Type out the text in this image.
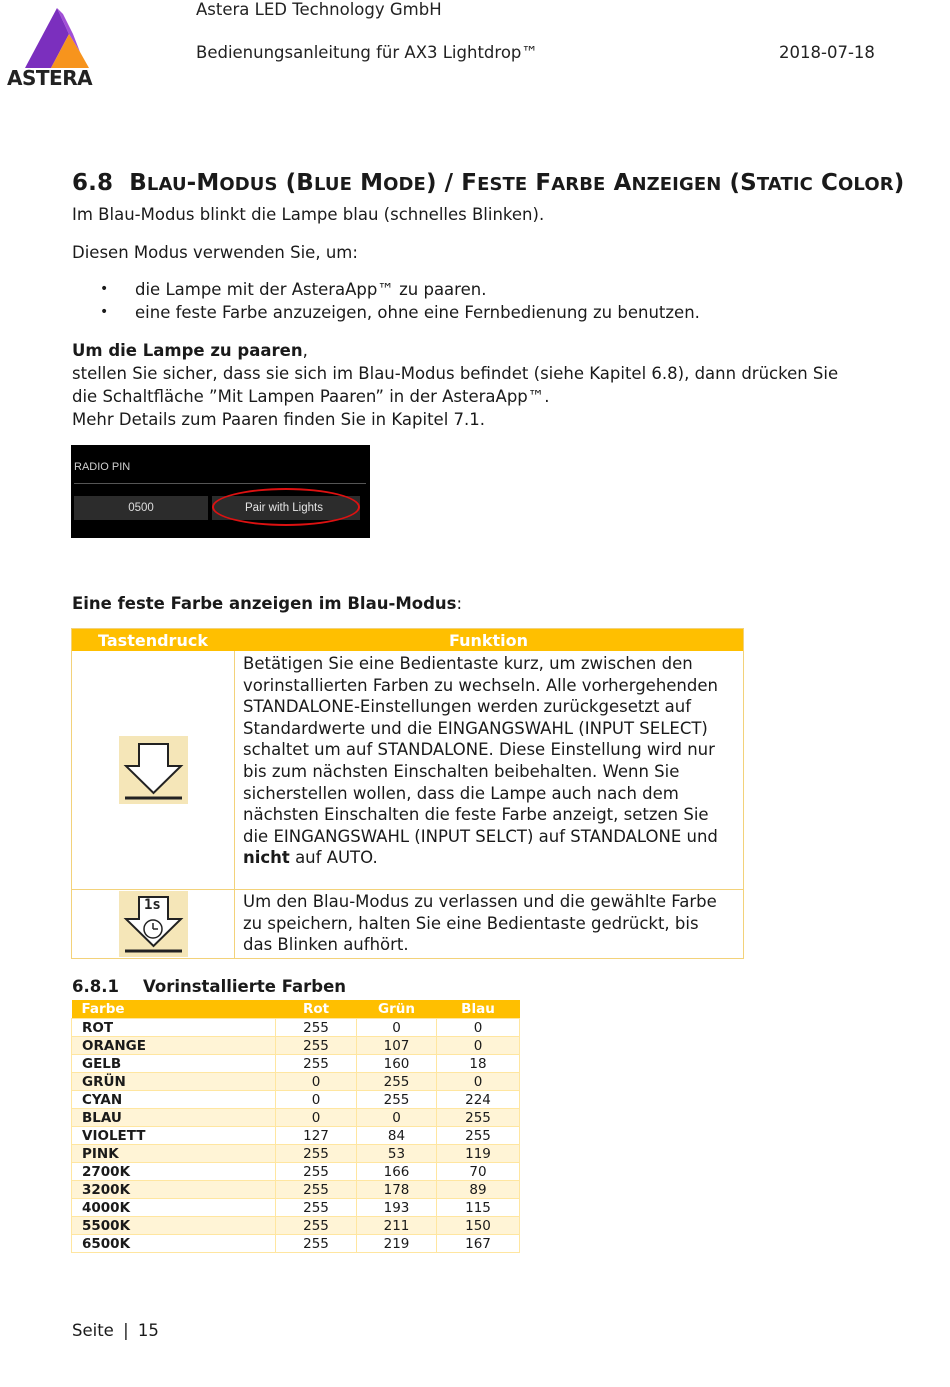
ASTERA
Astera LED Technology GmbH
Bedienungsanleitung für AX3 Lightdrop™	2018-07-18
6.8 BLAU-MODUS (BLUE MODE) / FESTE FARBE ANZEIGEN (STATIC COLOR)
Im Blau-Modus blinkt die Lampe blau (schnelles Blinken).
Diesen Modus verwenden Sie, um:
• die Lampe mit der AsteraApp™ zu paaren.
• eine feste Farbe anzuzeigen, ohne eine Fernbedienung zu benutzen.
Um die Lampe zu paaren,
stellen Sie sicher, dass sie sich im Blau-Modus befindet (siehe Kapitel 6.8), dann drücken Sie
die Schaltfläche ”Mit Lampen Paaren” in der AsteraApp™.
Mehr Details zum Paaren finden Sie in Kapitel 7.1.
RADIO PIN
0500	Pair with Lights
Eine feste Farbe anzeigen im Blau-Modus:
Tastendruck	Funktion
Betätigen Sie eine Bedientaste kurz, um zwischen den
vorinstallierten Farben zu wechseln. Alle vorhergehenden
STANDALONE-Einstellungen werden zurückgesetzt auf
Standardwerte und die EINGANGSWAHL (INPUT SELECT)
schaltet um auf STANDALONE. Diese Einstellung wird nur
bis zum nächsten Einschalten beibehalten. Wenn Sie
sicherstellen wollen, dass die Lampe auch nach dem
nächsten Einschalten die feste Farbe anzeigt, setzen Sie
die EINGANGSWAHL (INPUT SELCT) auf STANDALONE und
nicht auf AUTO.
1s	Um den Blau-Modus zu verlassen und die gewählte Farbe
zu speichern, halten Sie eine Bedientaste gedrückt, bis
das Blinken aufhört.
6.8.1 Vorinstallierte Farben
Farbe	Rot	Grün	Blau
ROT	255	0	0
ORANGE	255	107	0
GELB	255	160	18
GRÜN	0	255	0
CYAN	0	255	224
BLAU	0	0	255
VIOLETT	127	84	255
PINK	255	53	119
2700K	255	166	70
3200K	255	178	89
4000K	255	193	115
5500K	255	211	150
6500K	255	219	167
Seite | 15
